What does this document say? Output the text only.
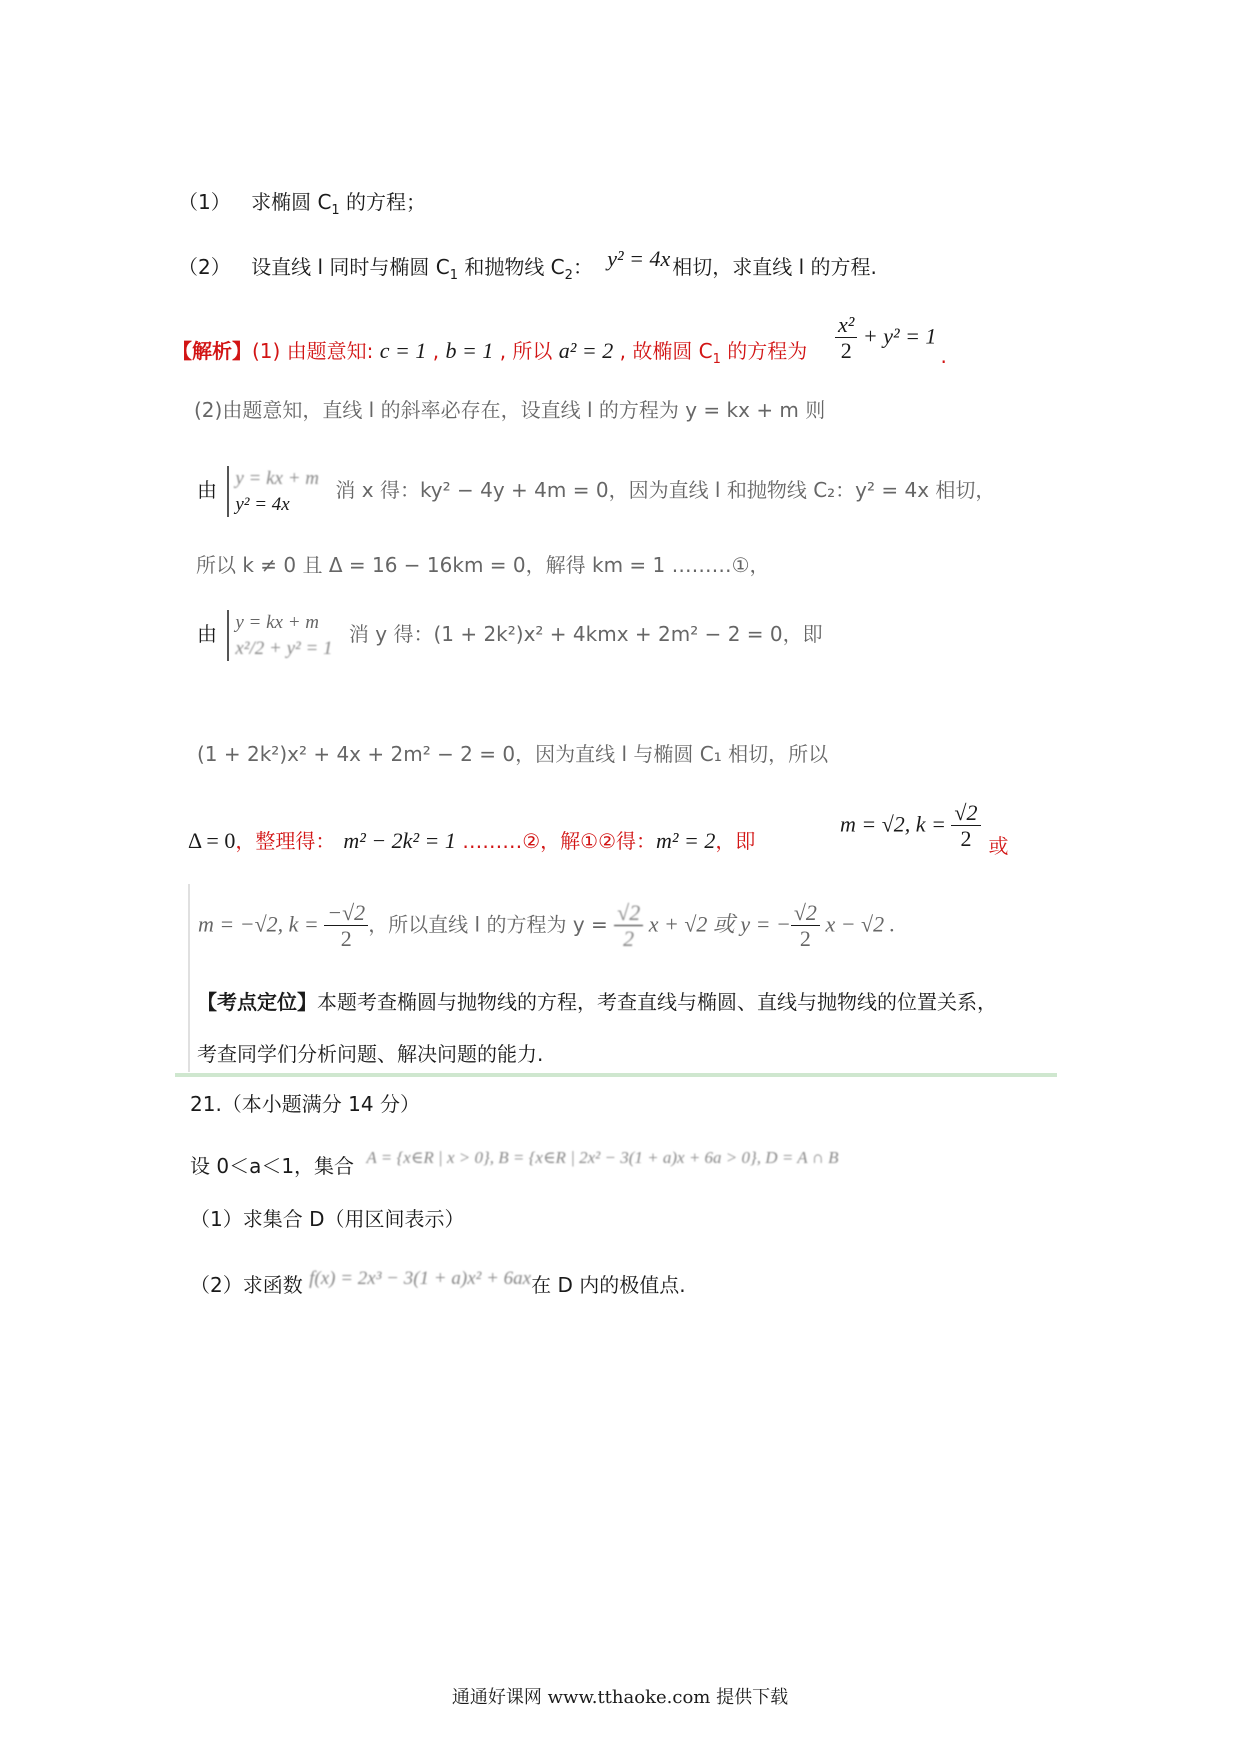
（1） 求椭圆 $C_1$ 的方程；
（2） 设直线 l 同时与椭圆 $C_1$ 和抛物线 $C_2$： y² = 4x 相切，求直线 l 的方程.
【解析】(1) 由题意知: c = 1 , b = 1 , 所以 a² = 2 , 故椭圆 $C_1$ 的方程为 $\frac{\text{x²}}{2} + y^2 = 1$.
(2)由题意知，直线 l 的斜率必存在，设直线 l 的方程为 y = kx + m 则
由 y = kx + m
y² = 4x
消 x 得：ky² − 4y + 4m = 0，因为直线 l 和抛物线 C₂：y² = 4x 相切，
所以 k ≠ 0 且 Δ = 16 − 16km = 0，解得 km = 1 ………①，
由 y = kx + m
x²/2 + y² = 1
消 y 得：(1 + 2k²)x² + 4kmx + 2m² − 2 = 0，即
(1 + 2k²)x² + 4x + 2m² − 2 = 0，因为直线 l 与椭圆 C₁ 相切，所以
Δ = 0，整理得： m² − 2k² = 1 ………②，解①②得：m² = 2，即
m = √2, $k = \frac{√2}{2}$ 或
m = −√2, $k = \frac{-√2}{2}$ ，所以直线 l 的方程为 $y = \frac{√2}{2}$ x + √2 或 y = − $\frac{√2}{2}$ x − √2 .
【考点定位】本题考查椭圆与抛物线的方程，考查直线与椭圆、直线与抛物线的位置关系，
考查同学们分析问题、解决问题的能力.
21.（本小题满分 14 分）
设 0＜a＜1，集合 $^{A = \{x\in R | x > 0\}, B = \{x\in R | 2x^2 - 3(1 + a)x + 6a > 0\}, D = A \cap B}$
（1）求集合 D（用区间表示）
（2）求函数 f(x) = 2x³ − 3(1 + a)x² + 6ax在 D 内的极值点.
通通好课网 www.tthaoke.com 提供下载
